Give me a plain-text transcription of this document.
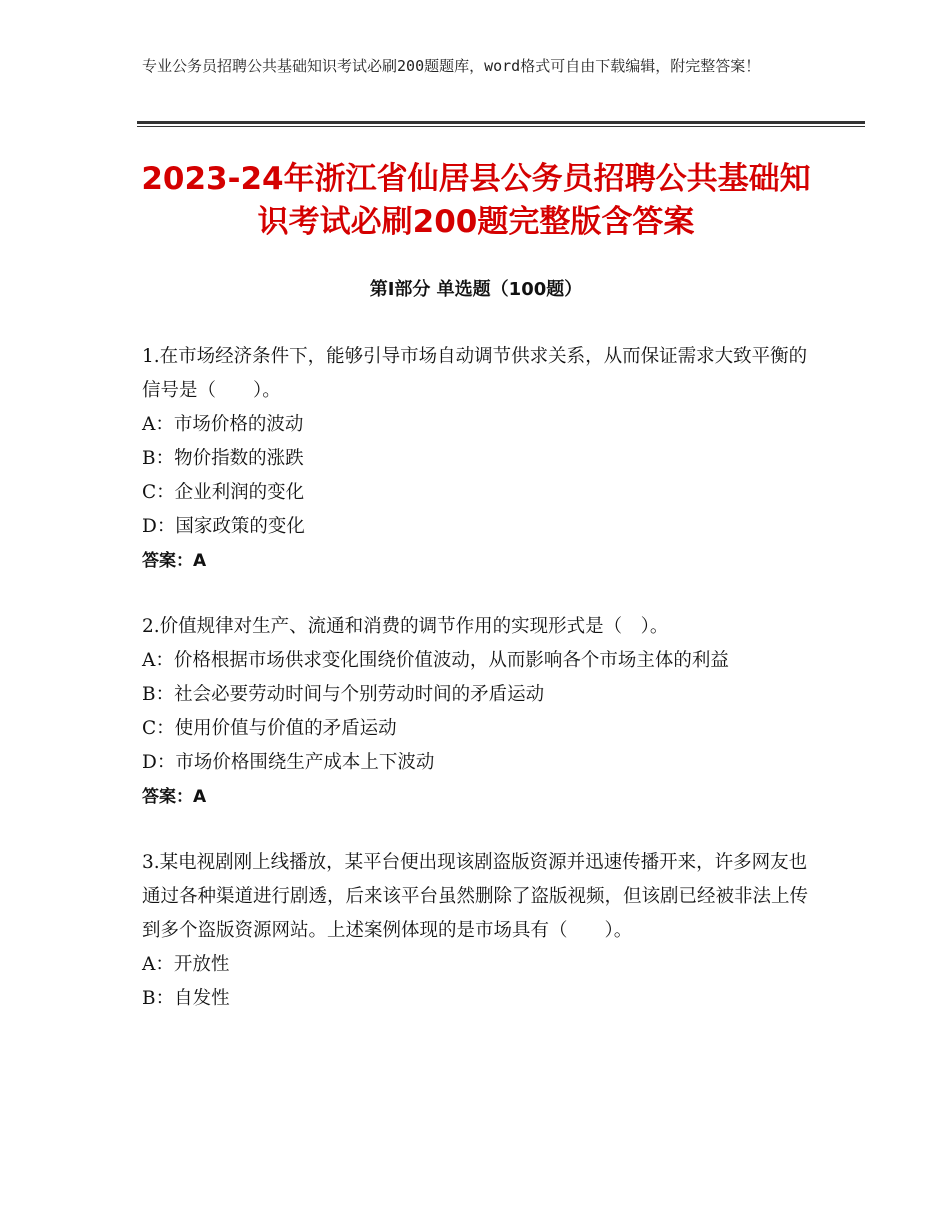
专业公务员招聘公共基础知识考试必刷200题题库，word格式可自由下载编辑，附完整答案！
2023-24年浙江省仙居县公务员招聘公共基础知识考试必刷200题完整版含答案
第I部分 单选题（100题）

1.在市场经济条件下，能够引导市场自动调节供求关系，从而保证需求大致平衡的信号是（　　）。

A：市场价格的波动

B：物价指数的涨跌

C：企业利润的变化

D：国家政策的变化

答案：A

2.价值规律对生产、流通和消费的调节作用的实现形式是（　）。

A：价格根据市场供求变化围绕价值波动，从而影响各个市场主体的利益

B：社会必要劳动时间与个别劳动时间的矛盾运动

C：使用价值与价值的矛盾运动

D：市场价格围绕生产成本上下波动

答案：A

3.某电视剧刚上线播放，某平台便出现该剧盗版资源并迅速传播开来，许多网友也通过各种渠道进行剧透，后来该平台虽然删除了盗版视频，但该剧已经被非法上传到多个盗版资源网站。上述案例体现的是市场具有（　　）。

A：开放性

B：自发性
